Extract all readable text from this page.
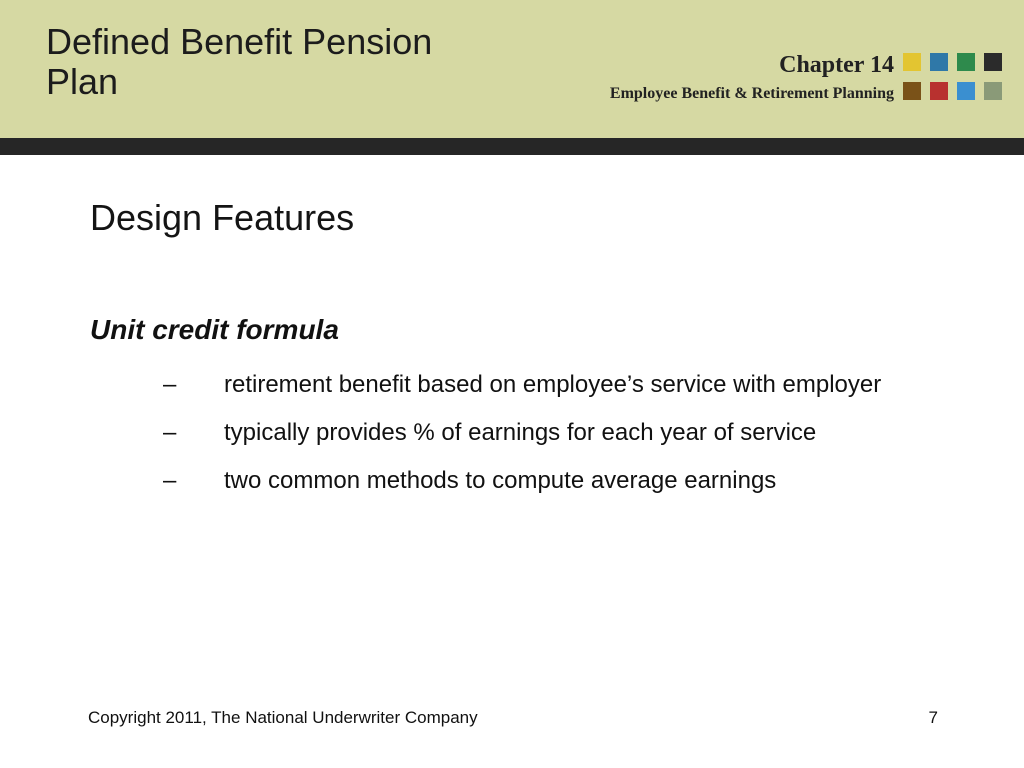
Defined Benefit Pension Plan	Chapter 14
Employee Benefit & Retirement Planning
Design Features
Unit credit formula
– retirement benefit based on employee’s service with employer
– typically provides % of earnings for each year of service
– two common methods to compute average earnings
Copyright 2011, The National Underwriter Company	7
